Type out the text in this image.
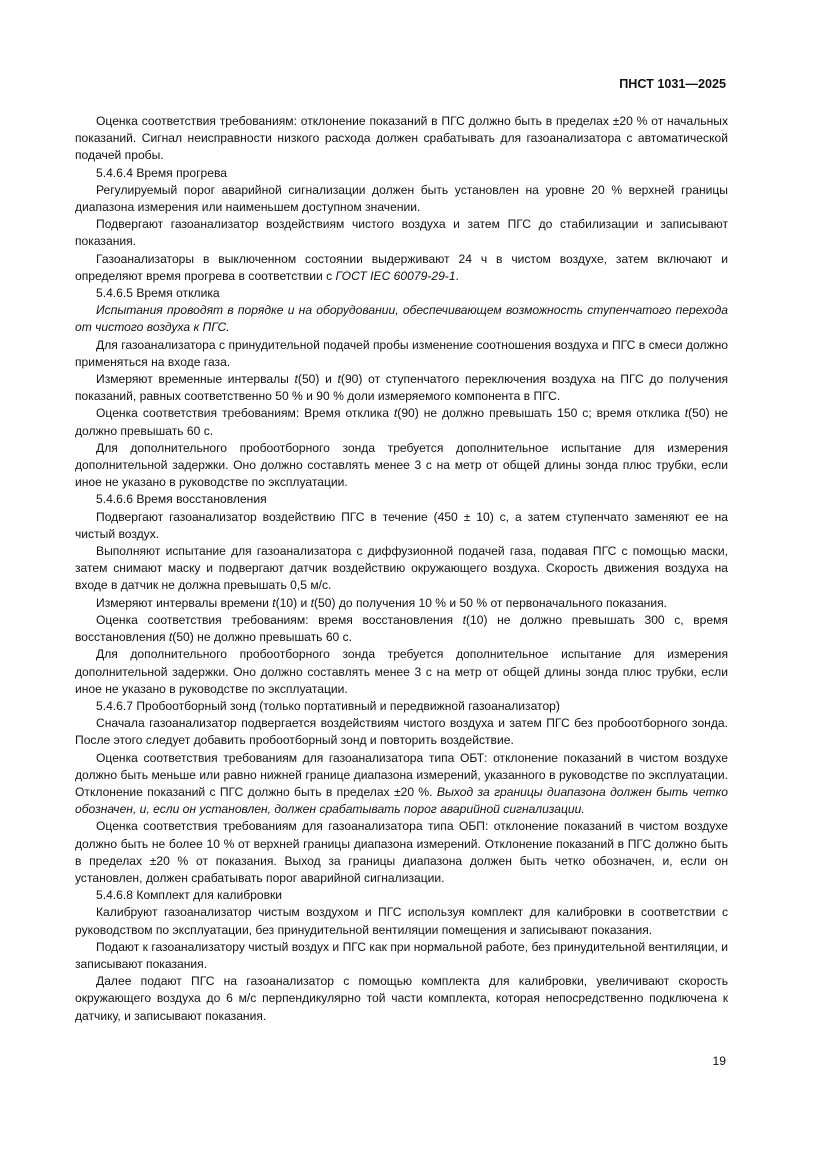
ПНСТ 1031—2025

Оценка соответствия требованиям: отклонение показаний в ПГС должно быть в пределах ±20 % от начальных показаний. Сигнал неисправности низкого расхода должен срабатывать для газоанализатора с автоматической подачей пробы.

5.4.6.4 Время прогрева

Регулируемый порог аварийной сигнализации должен быть установлен на уровне 20 % верхней границы диапазона измерения или наименьшем доступном значении.

Подвергают газоанализатор воздействиям чистого воздуха и затем ПГС до стабилизации и записывают показания.

Газоанализаторы в выключенном состоянии выдерживают 24 ч в чистом воздухе, затем включают и определяют время прогрева в соответствии с ГОСТ IEC 60079-29-1.

5.4.6.5 Время отклика

Испытания проводят в порядке и на оборудовании, обеспечивающем возможность ступенчатого перехода от чистого воздуха к ПГС.

Для газоанализатора с принудительной подачей пробы изменение соотношения воздуха и ПГС в смеси должно применяться на входе газа.

Измеряют временные интервалы t(50) и t(90) от ступенчатого переключения воздуха на ПГС до получения показаний, равных соответственно 50 % и 90 % доли измеряемого компонента в ПГС.

Оценка соответствия требованиям: Время отклика t(90) не должно превышать 150 с; время отклика t(50) не должно превышать 60 с.

Для дополнительного пробоотборного зонда требуется дополнительное испытание для измерения дополнительной задержки. Оно должно составлять менее 3 с на метр от общей длины зонда плюс трубки, если иное не указано в руководстве по эксплуатации.

5.4.6.6 Время восстановления

Подвергают газоанализатор воздействию ПГС в течение (450 ± 10) с, а затем ступенчато заменяют ее на чистый воздух.

Выполняют испытание для газоанализатора с диффузионной подачей газа, подавая ПГС с помощью маски, затем снимают маску и подвергают датчик воздействию окружающего воздуха. Скорость движения воздуха на входе в датчик не должна превышать 0,5 м/с.

Измеряют интервалы времени t(10) и t(50) до получения 10 % и 50 % от первоначального показания.

Оценка соответствия требованиям: время восстановления t(10) не должно превышать 300 с, время восстановления t(50) не должно превышать 60 с.

Для дополнительного пробоотборного зонда требуется дополнительное испытание для измерения дополнительной задержки. Оно должно составлять менее 3 с на метр от общей длины зонда плюс трубки, если иное не указано в руководстве по эксплуатации.

5.4.6.7 Пробоотборный зонд (только портативный и передвижной газоанализатор)

Сначала газоанализатор подвергается воздействиям чистого воздуха и затем ПГС без пробоотборного зонда. После этого следует добавить пробоотборный зонд и повторить воздействие.

Оценка соответствия требованиям для газоанализатора типа ОБТ: отклонение показаний в чистом воздухе должно быть меньше или равно нижней границе диапазона измерений, указанного в руководстве по эксплуатации. Отклонение показаний с ПГС должно быть в пределах ±20 %. Выход за границы диапазона должен быть четко обозначен, и, если он установлен, должен срабатывать порог аварийной сигнализации.

Оценка соответствия требованиям для газоанализатора типа ОБП: отклонение показаний в чистом воздухе должно быть не более 10 % от верхней границы диапазона измерений. Отклонение показаний в ПГС должно быть в пределах ±20 % от показания. Выход за границы диапазона должен быть четко обозначен, и, если он установлен, должен срабатывать порог аварийной сигнализации.

5.4.6.8 Комплект для калибровки

Калибруют газоанализатор чистым воздухом и ПГС используя комплект для калибровки в соответствии с руководством по эксплуатации, без принудительной вентиляции помещения и записывают показания.

Подают к газоанализатору чистый воздух и ПГС как при нормальной работе, без принудительной вентиляции, и записывают показания.

Далее подают ПГС на газоанализатор с помощью комплекта для калибровки, увеличивают скорость окружающего воздуха до 6 м/с перпендикулярно той части комплекта, которая непосредственно подключена к датчику, и записывают показания.

19
